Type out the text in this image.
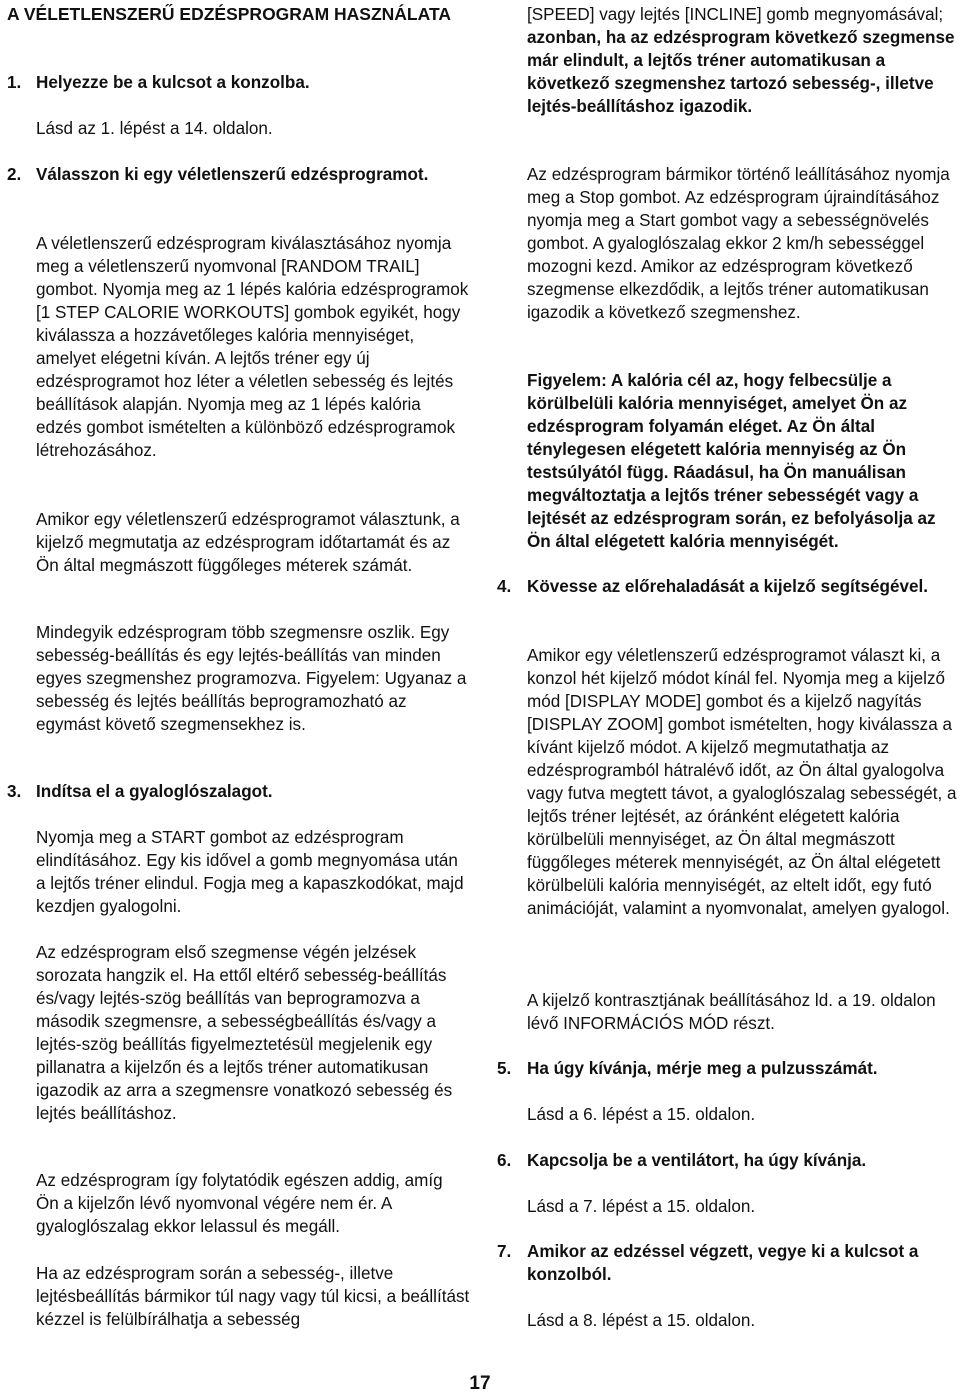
A VÉLETLENSZERŰ EDZÉSPROGRAM HASZNÁLATA
1. Helyezze be a kulcsot a konzolba.

Lásd az 1. lépést a 14. oldalon.

2. Válasszon ki egy véletlenszerű edzésprogramot.

A véletlenszerű edzésprogram kiválasztásához nyomja meg a véletlenszerű nyomvonal [RANDOM TRAIL] gombot. Nyomja meg az 1 lépés kalória edzésprogramok [1 STEP CALORIE WORKOUTS] gombok egyikét, hogy kiválassza a hozzávetőleges kalória mennyiséget, amelyet elégetni kíván. A lejtős tréner egy új edzésprogramot hoz léter a véletlen sebesség és lejtés beállítások alapján. Nyomja meg az 1 lépés kalória edzés gombot ismételten a különböző edzésprogramok létrehozásához.

Amikor egy véletlenszerű edzésprogramot választunk, a kijelző megmutatja az edzésprogram időtartamát és az Ön által megmászott függőleges méterek számát.

Mindegyik edzésprogram több szegmensre oszlik. Egy sebesség-beállítás és egy lejtés-beállítás van minden egyes szegmenshez programozva. Figyelem: Ugyanaz a sebesség és lejtés beállítás beprogramozható az egymást követő szegmensekhez is.

3. Indítsa el a gyaloglószalagot.

Nyomja meg a START gombot az edzésprogram elindításához. Egy kis idővel a gomb megnyomása után a lejtős tréner elindul. Fogja meg a kapaszkodókat, majd kezdjen gyalogolni.

Az edzésprogram első szegmense végén jelzések sorozata hangzik el. Ha ettől eltérő sebesség-beállítás és/vagy lejtés-szög beállítás van beprogramozva a második szegmensre, a sebességbeállítás és/vagy a lejtés-szög beállítás figyelmeztetésül megjelenik egy pillanatra a kijelzőn és a lejtős tréner automatikusan igazodik az arra a szegmensre vonatkozó sebesség és lejtés beállításhoz.

Az edzésprogram így folytatódik egészen addig, amíg Ön a kijelzőn lévő nyomvonal végére nem ér. A gyaloglószalag ekkor lelassul és megáll.

Ha az edzésprogram során a sebesség-, illetve lejtésbeállítás bármikor túl nagy vagy túl kicsi, a beállítást kézzel is felülbírálhatja a sebesség

[SPEED] vagy lejtés [INCLINE] gomb megnyomásával; azonban, ha az edzésprogram következő szegmense már elindult, a lejtős tréner automatikusan a következő szegmenshez tartozó sebesség-, illetve lejtés-beállításhoz igazodik.

Az edzésprogram bármikor történő leállításához nyomja meg a Stop gombot. Az edzésprogram újraindításához nyomja meg a Start gombot vagy a sebességnövelés gombot. A gyaloglószalag ekkor 2 km/h sebességgel mozogni kezd. Amikor az edzésprogram következő szegmense elkezdődik, a lejtős tréner automatikusan igazodik a következő szegmenshez.

Figyelem: A kalória cél az, hogy felbecsülje a körülbelüli kalória mennyiséget, amelyet Ön az edzésprogram folyamán eléget. Az Ön által ténylegesen elégetett kalória mennyiség az Ön testsúlyától függ. Ráadásul, ha Ön manuálisan megváltoztatja a lejtős tréner sebességét vagy a lejtését az edzésprogram során, ez befolyásolja az Ön által elégetett kalória mennyiségét.

4. Kövesse az előrehaladását a kijelző segítségével.

Amikor egy véletlenszerű edzésprogramot választ ki, a konzol hét kijelző módot kínál fel. Nyomja meg a kijelző mód [DISPLAY MODE] gombot és a kijelző nagyítás [DISPLAY ZOOM] gombot ismételten, hogy kiválassza a kívánt kijelző módot. A kijelző megmutathatja az edzésprogramból hátralévő időt, az Ön által gyalogolva vagy futva megtett távot, a gyaloglószalag sebességét, a lejtős tréner lejtését, az óránként elégetett kalória körülbelüli mennyiséget, az Ön által megmászott függőleges méterek mennyiségét, az Ön által elégetett körülbelüli kalória mennyiségét, az eltelt időt, egy futó animációját, valamint a nyomvonalat, amelyen gyalogol.

A kijelző kontrasztjának beállításához ld. a 19. oldalon lévő INFORMÁCIÓS MÓD részt.

5. Ha úgy kívánja, mérje meg a pulzusszámát.

Lásd a 6. lépést a 15. oldalon.

6. Kapcsolja be a ventilátort, ha úgy kívánja.

Lásd a 7. lépést a 15. oldalon.

7. Amikor az edzéssel végzett, vegye ki a kulcsot a konzolból.

Lásd a 8. lépést a 15. oldalon.

17
